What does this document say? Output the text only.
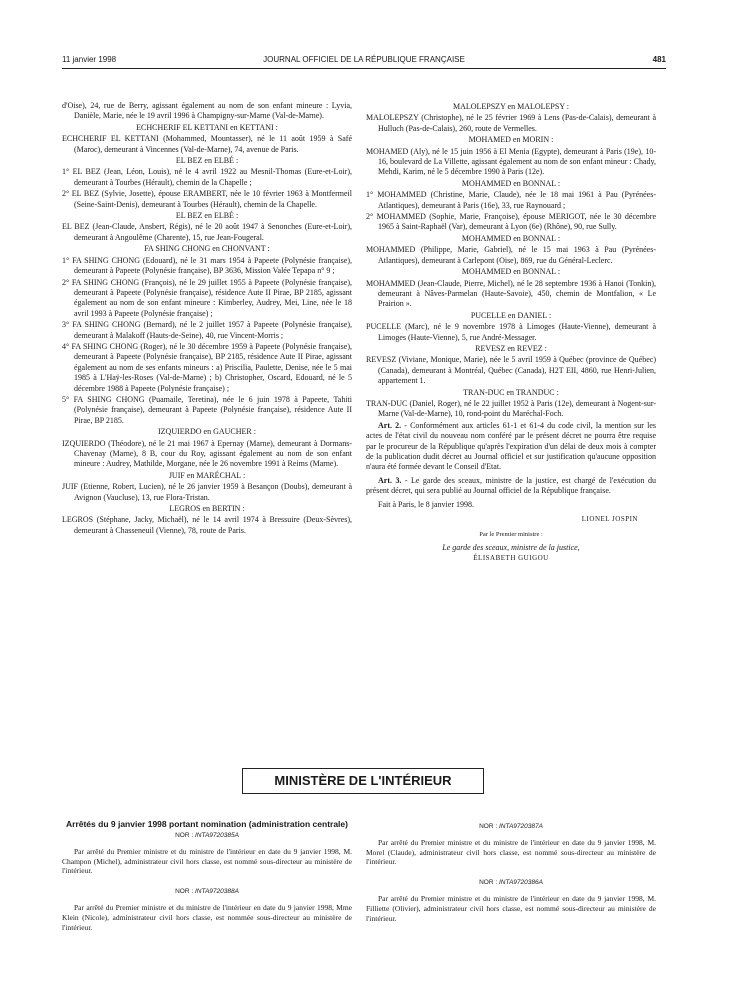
11 janvier 1998	JOURNAL OFFICIEL DE LA RÉPUBLIQUE FRANÇAISE	481

d'Oise), 24, rue de Berry, agissant également au nom de son enfant mineure : Lyvia, Danièle, Marie, née le 19 avril 1996 à Champigny-sur-Marne (Val-de-Marne).

ECHCHERIF EL KETTANI en KETTANI :

ECHCHERIF EL KETTANI (Mohammed, Mountasser), né le 11 août 1959 à Safé (Maroc), demeurant à Vincennes (Val-de-Marne), 74, avenue de Paris.

EL BEZ en ELBÉ :

1° EL BEZ (Jean, Léon, Louis), né le 4 avril 1922 au Mesnil-Thomas (Eure-et-Loir), demeurant à Tourbes (Hérault), chemin de la Chapelle ;

2° EL BEZ (Sylvie, Josette), épouse ERAMBERT, née le 10 février 1963 à Montfermeil (Seine-Saint-Denis), demeurant à Tourbes (Hérault), chemin de la Chapelle.

EL BEZ en ELBÉ :

EL BEZ (Jean-Claude, Ansbert, Régis), né le 20 août 1947 à Senonches (Eure-et-Loir), demeurant à Angoulême (Charente), 15, rue Jean-Fougeral.

FA SHING CHONG en CHONVANT :

1° FA SHING CHONG (Edouard), né le 31 mars 1954 à Papeete (Polynésie française), demeurant à Papeete (Polynésie française), BP 3636, Mission Valée Tepapa n° 9 ;

2° FA SHING CHONG (François), né le 29 juillet 1955 à Papeete (Polynésie française), demeurant à Papeete (Polynésie française), résidence Aute II Pirae, BP 2185, agissant également au nom de son enfant mineure : Kimberley, Audrey, Mei, Line, née le 18 avril 1993 à Papeete (Polynésie française) ;

3° FA SHING CHONG (Bernard), né le 2 juillet 1957 à Papeete (Polynésie française), demeurant à Malakoff (Hauts-de-Seine), 40, rue Vincent-Morris ;

4° FA SHING CHONG (Roger), né le 30 décembre 1959 à Papeete (Polynésie française), demeurant à Papeete (Polynésie française), BP 2185, résidence Aute II Pirae, agissant également au nom de ses enfants mineurs : a) Priscilia, Paulette, Denise, née le 5 mai 1985 à L'Haÿ-les-Roses (Val-de-Marne) ; b) Christopher, Oscard, Edouard, né le 5 décembre 1988 à Papeete (Polynésie française) ;

5° FA SHING CHONG (Puamaile, Teretina), née le 6 juin 1978 à Papeete, Tahiti (Polynésie française), demeurant à Papeete (Polynésie française), résidence Aute II Pirae, BP 2185.

IZQUIERDO en GAUCHER :

IZQUIERDO (Théodore), né le 21 mai 1967 à Epernay (Marne), demeurant à Dormans-Chavenay (Marne), 8 B, cour du Roy, agissant également au nom de son enfant mineure : Audrey, Mathilde, Morgane, née le 26 novembre 1991 à Reims (Marne).

JUIF en MARÉCHAL :

JUIF (Etienne, Robert, Lucien), né le 26 janvier 1959 à Besançon (Doubs), demeurant à Avignon (Vaucluse), 13, rue Flora-Tristan.

LEGROS en BERTIN :

LEGROS (Stéphane, Jacky, Michaël), né le 14 avril 1974 à Bressuire (Deux-Sèvres), demeurant à Chasseneuil (Vienne), 78, route de Paris.

MALOLEPSZY en MALOLEPSY :

MALOLEPSZY (Christophe), né le 25 février 1969 à Lens (Pas-de-Calais), demeurant à Hulluch (Pas-de-Calais), 260, route de Vermelles.

MOHAMED en MORIN :

MOHAMED (Aly), né le 15 juin 1956 à El Menia (Egypte), demeurant à Paris (19e), 10-16, boulevard de La Villette, agissant également au nom de son enfant mineur : Chady, Mehdi, Karim, né le 5 décembre 1990 à Paris (12e).

MOHAMMED en BONNAL :

1° MOHAMMED (Christine, Marie, Claude), née le 18 mai 1961 à Pau (Pyrénées-Atlantiques), demeurant à Paris (16e), 33, rue Raynouard ;

2° MOHAMMED (Sophie, Marie, Françoise), épouse MERIGOT, née le 30 décembre 1965 à Saint-Raphaël (Var), demeurant à Lyon (6e) (Rhône), 90, rue Sully.

MOHAMMED en BONNAL :

MOHAMMED (Philippe, Marie, Gabriel), né le 15 mai 1963 à Pau (Pyrénées-Atlantiques), demeurant à Carlepont (Oise), 869, rue du Général-Leclerc.

MOHAMMED en BONNAL :

MOHAMMED (Jean-Claude, Pierre, Michel), né le 28 septembre 1936 à Hanoi (Tonkin), demeurant à Nâves-Parmelan (Haute-Savoie), 450, chemin de Montfalion, « Le Prairion ».

PUCELLE en DANIEL :

PUCELLE (Marc), né le 9 novembre 1978 à Limoges (Haute-Vienne), demeurant à Limoges (Haute-Vienne), 5, rue André-Messager.

REVESZ en REVEZ :

REVESZ (Viviane, Monique, Marie), née le 5 avril 1959 à Québec (province de Québec) (Canada), demeurant à Montréal, Québec (Canada), H2T EII, 4860, rue Henri-Julien, appartement 1.

TRAN-DUC en TRANDUC :

TRAN-DUC (Daniel, Roger), né le 22 juillet 1952 à Paris (12e), demeurant à Nogent-sur-Marne (Val-de-Marne), 10, rond-point du Maréchal-Foch.

Art. 2. - Conformément aux articles 61-1 et 61-4 du code civil, la mention sur les actes de l'état civil du nouveau nom conféré par le présent décret ne pourra être requise par le procureur de la République qu'après l'expiration d'un délai de deux mois à compter de la publication dudit décret au Journal officiel et sur justification qu'aucune opposition n'aura été formée devant le Conseil d'Etat.

Art. 3. - Le garde des sceaux, ministre de la justice, est chargé de l'exécution du présent décret, qui sera publié au Journal officiel de la République française.

Fait à Paris, le 8 janvier 1998.

LIONEL JOSPIN
Par le Premier ministre :
Le garde des sceaux, ministre de la justice,
ÉLISABETH GUIGOU
MINISTÈRE DE L'INTÉRIEUR
Arrêtés du 9 janvier 1998 portant nomination (administration centrale)
NOR : INTA9720385A

Par arrêté du Premier ministre et du ministre de l'intérieur en date du 9 janvier 1998, M. Champon (Michel), administrateur civil hors classe, est nommé sous-directeur au ministère de l'intérieur.

NOR : INTA9720388A

Par arrêté du Premier ministre et du ministre de l'intérieur en date du 9 janvier 1998, Mme Klein (Nicole), administrateur civil hors classe, est nommée sous-directeur au ministère de l'intérieur.

NOR : INTA9720387A

Par arrêté du Premier ministre et du ministre de l'intérieur en date du 9 janvier 1998, M. Morel (Claude), administrateur civil hors classe, est nommé sous-directeur au ministère de l'intérieur.

NOR : INTA9720386A

Par arrêté du Premier ministre et du ministre de l'intérieur en date du 9 janvier 1998, M. Filliette (Olivier), administrateur civil hors classe, est nommé sous-directeur au ministère de l'intérieur.
